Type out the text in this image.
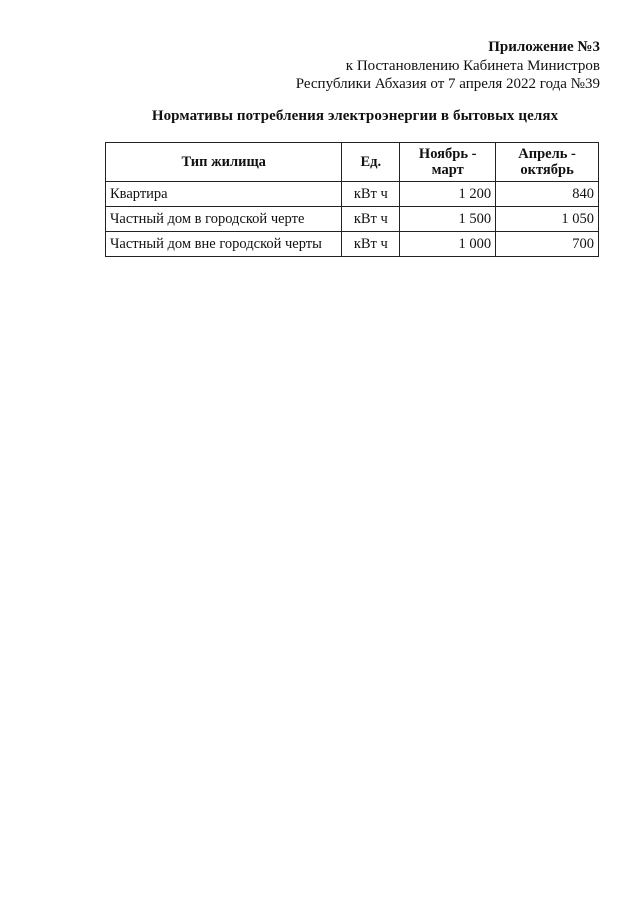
Приложение №3
к Постановлению Кабинета Министров
Республики Абхазия от 7 апреля 2022 года №39
Нормативы потребления электроэнергии в бытовых целях
Тип жилища	Ед.	Ноябрь - март	Апрель - октябрь
Квартира	кВт ч	1 200	840
Частный дом в городской черте	кВт ч	1 500	1 050
Частный дом вне городской черты	кВт ч	1 000	700
